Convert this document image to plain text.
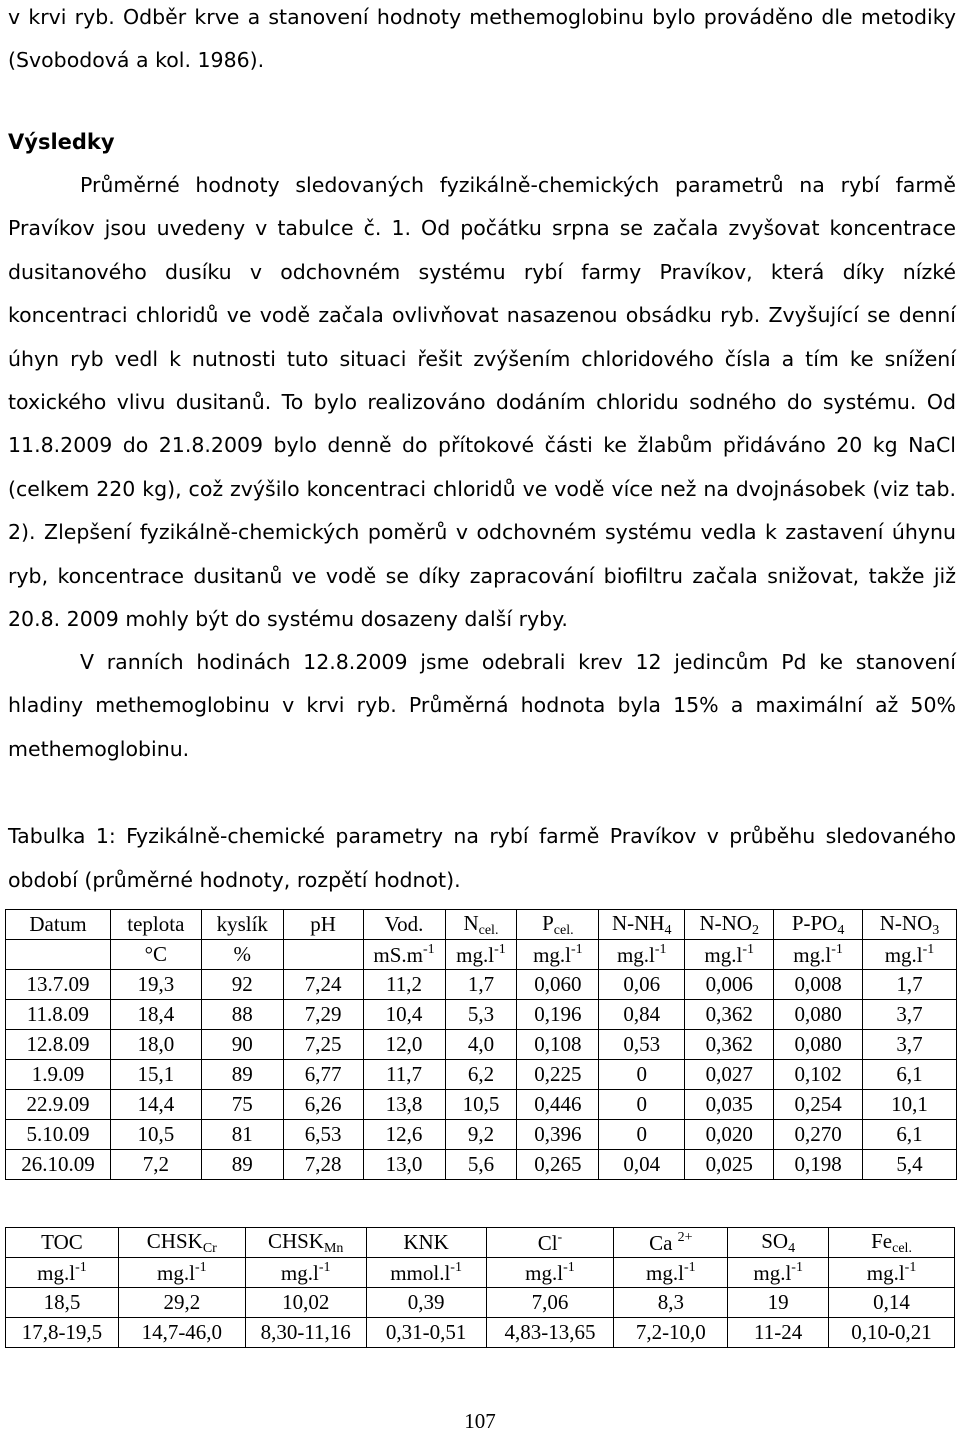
v krvi ryb. Odběr krve a stanovení hodnoty methemoglobinu bylo prováděno dle metodiky (Svobodová a kol. 1986).

Výsledky

Průměrné hodnoty sledovaných fyzikálně-chemických parametrů na rybí farmě Pravíkov jsou uvedeny v tabulce č. 1. Od počátku srpna se začala zvyšovat koncentrace dusitanového dusíku v odchovném systému rybí farmy Pravíkov, která díky nízké koncentraci chloridů ve vodě začala ovlivňovat nasazenou obsádku ryb. Zvyšující se denní úhyn ryb vedl k nutnosti tuto situaci řešit zvýšením chloridového čísla a tím ke snížení toxického vlivu dusitanů. To bylo realizováno dodáním chloridu sodného do systému. Od 11.8.2009 do 21.8.2009 bylo denně do přítokové části ke žlabům přidáváno 20 kg NaCl (celkem 220 kg), což zvýšilo koncentraci chloridů ve vodě více než na dvojnásobek (viz tab. 2). Zlepšení fyzikálně-chemických poměrů v odchovném systému vedla k zastavení úhynu ryb, koncentrace dusitanů ve vodě se díky zapracování biofiltru začala snižovat, takže již 20.8. 2009 mohly být do systému dosazeny další ryby.

V ranních hodinách 12.8.2009 jsme odebrali krev 12 jedincům Pd ke stanovení hladiny methemoglobinu v krvi ryb. Průměrná hodnota byla 15% a maximální až 50% methemoglobinu.

Tabulka 1: Fyzikálně-chemické parametry na rybí farmě Pravíkov v průběhu sledovaného období (průměrné hodnoty, rozpětí hodnot).

Datum	teplota	kyslík	pH	Vod.	$N_{cel.}$	$P_{cel.}$	$N-NH_4$	$N-NO_2$	$P-PO_4$	$N-NO_3$
	°C	%		$mS.m^{-1}$	$mg.l^{-1}$	$mg.l^{-1}$	$mg.l^{-1}$	$mg.l^{-1}$	$mg.l^{-1}$	$mg.l^{-1}$
13.7.09	19,3	92	7,24	11,2	1,7	0,060	0,06	0,006	0,008	1,7
11.8.09	18,4	88	7,29	10,4	5,3	0,196	0,84	0,362	0,080	3,7
12.8.09	18,0	90	7,25	12,0	4,0	0,108	0,53	0,362	0,080	3,7
1.9.09	15,1	89	6,77	11,7	6,2	0,225	0	0,027	0,102	6,1
22.9.09	14,4	75	6,26	13,8	10,5	0,446	0	0,035	0,254	10,1
5.10.09	10,5	81	6,53	12,6	9,2	0,396	0	0,020	0,270	6,1
26.10.09	7,2	89	7,28	13,0	5,6	0,265	0,04	0,025	0,198	5,4
TOC	$CHSK_{Cr}$	$CHSK_{Mn}$	KNK	Cl-	Ca $^{2+}$	$SO_4$	$Fe_{cel.}$
$mg.l^{-1}$	$mg.l^{-1}$	$mg.l^{-1}$	$mmol.l^{-1}$	$mg.l^{-1}$	$mg.l^{-1}$	$mg.l^{-1}$	$mg.l^{-1}$
18,5	29,2	10,02	0,39	7,06	8,3	19	0,14
17,8-19,5	14,7-46,0	8,30-11,16	0,31-0,51	4,83-13,65	7,2-10,0	11-24	0,10-0,21
107
